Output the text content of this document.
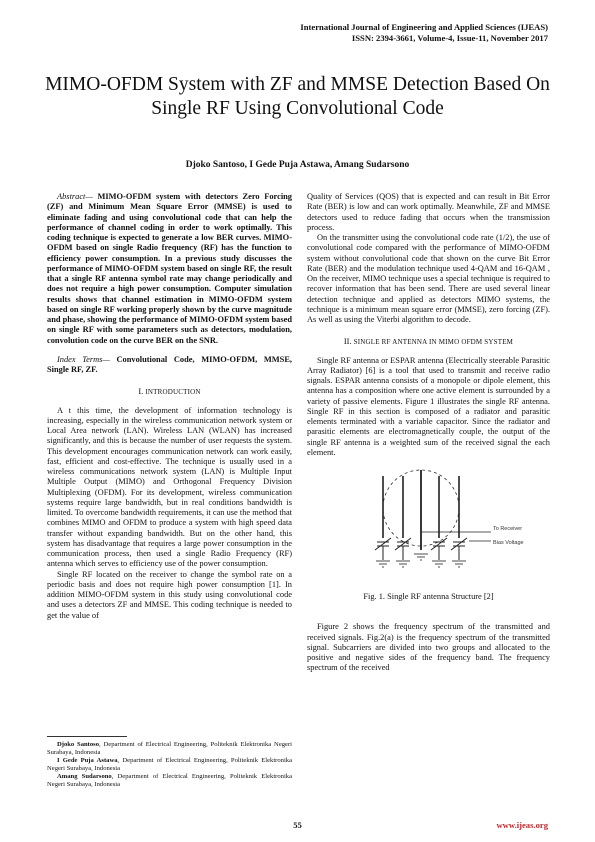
International Journal of Engineering and Applied Sciences (IJEAS)
ISSN: 2394-3661, Volume-4, Issue-11, November 2017
MIMO-OFDM System with ZF and MMSE Detection Based On Single RF Using Convolutional Code
Djoko Santoso, I Gede Puja Astawa, Amang Sudarsono

Abstract— MIMO-OFDM system with detectors Zero Forcing (ZF) and Minimum Mean Square Error (MMSE) is used to eliminate fading and using convolutional code that can help the performance of channel coding in order to work optimally. This coding technique is expected to generate a low BER curves. MIMO-OFDM based on single Radio frequency (RF) has the function to efficiency power consumption. In a previous study discusses the performance of MIMO-OFDM system based on single RF, the result that a single RF antenna symbol rate may change periodically and does not require a high power consumption. Computer simulation results shows that channel estimation in MIMO-OFDM system based on single RF working properly shown by the curve magnitude and phase, showing the performance of MIMO-OFDM system based on single RF with some parameters such as detectors, modulation, convolution code on the curve BER on the SNR.

Index Terms— Convolutional Code, MIMO-OFDM, MMSE, Single RF, ZF.

I. INTRODUCTION

A t this time, the development of information technology is increasing, especially in the wireless communication network system or Local Area network (LAN). Wireless LAN (WLAN) has increased significantly, and this is because the number of user requests the system. This development encourages communication network can work easily, fast, efficient and cost-effective. The technique is usually used in a wireless communications network system (LAN) is Multiple Input Multiple Output (MIMO) and Orthogonal Frequency Division Multiplexing (OFDM). For its development, wireless communication systems require large bandwidth, but in real conditions bandwidth is limited. To overcome bandwidth requirements, it can use the method that combines MIMO and OFDM to produce a system with high speed data transfer without expanding bandwidth. But on the other hand, this system has disadvantage that requires a large power consumption in the communication process, then used a single Radio Frequency (RF) antenna which serves to efficiency use of the power consumption.

Single RF located on the receiver to change the symbol rate on a periodic basis and does not require high power consumption [1]. In addition MIMO-OFDM system in this study using convolutional code and uses a detectors ZF and MMSE. This coding technique is needed to get the value of

Djoko Santoso, Department of Electrical Engineering, Politeknik Elektronika Negeri Surabaya, Indonesia

I Gede Puja Astawa, Department of Electrical Engineering, Politeknik Elektronika Negeri Surabaya, Indonesia

Amang Sudarsono, Department of Electrical Engineering, Politeknik Elektronika Negeri Surabaya, Indonesia

Quality of Services (QOS) that is expected and can result in Bit Error Rate (BER) is low and can work optimally. Meanwhile, ZF and MMSE detectors used to reduce fading that occurs when the transmission process.

On the transmitter using the convolutional code rate (1/2), the use of convolutional code compared with the performance of MIMO-OFDM system without convolutional code that shown on the curve Bit Error Rate (BER) and the modulation technique used 4-QAM and 16-QAM , On the receiver, MIMO technique uses a special technique is required to recover information that has been send. There are used several linear detection technique and applied as detectors MIMO systems, the technique is a minimum mean square error (MMSE), zero forcing (ZF). As well as using the Viterbi algorithm to decode.

II. SINGLE RF ANTENNA IN MIMO OFDM SYSTEM

Single RF antenna or ESPAR antenna (Electrically steerable Parasitic Array Radiator) [6] is a tool that used to transmit and receive radio signals. ESPAR antenna consists of a monopole or dipole element, this antenna has a composition where one active element is surrounded by a variety of passive elements. Figure 1 illustrates the single RF antenna. Single RF in this section is composed of a radiator and parasitic elements terminated with a variable capacitor. Since the radiator and parasitic elements are electromagnetically couple, the output of the single RF antenna is a weighted sum of the received signal the each element.

To Receiver
Bias Voltage

Fig. 1. Single RF antenna Structure [2]

Figure 2 shows the frequency spectrum of the transmitted and received signals. Fig.2(a) is the frequency spectrum of the transmitted signal. Subcarriers are divided into two groups and allocated to the positive and negative sides of the frequency band. The frequency spectrum of the received

55	www.ijeas.org
